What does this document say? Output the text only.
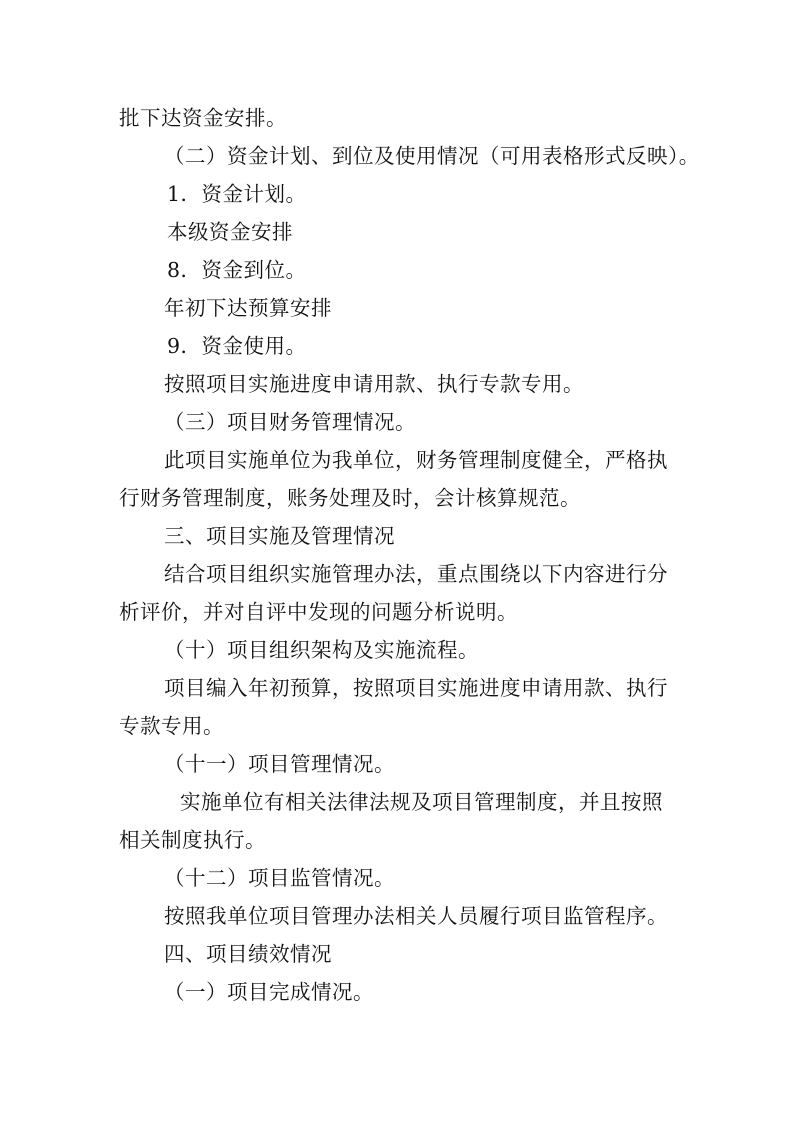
批下达资金安排。
（二）资金计划、到位及使用情况（可用表格形式反映）。
1．资金计划。
本级资金安排
8．资金到位。
年初下达预算安排
9．资金使用。
按照项目实施进度申请用款、执行专款专用。
（三）项目财务管理情况。
此项目实施单位为我单位，财务管理制度健全，严格执
行财务管理制度，账务处理及时，会计核算规范。
三、项目实施及管理情况
结合项目组织实施管理办法，重点围绕以下内容进行分
析评价，并对自评中发现的问题分析说明。
（十）项目组织架构及实施流程。
项目编入年初预算，按照项目实施进度申请用款、执行
专款专用。
（十一）项目管理情况。
实施单位有相关法律法规及项目管理制度，并且按照
相关制度执行。
（十二）项目监管情况。
按照我单位项目管理办法相关人员履行项目监管程序。
四、项目绩效情况
（一）项目完成情况。
